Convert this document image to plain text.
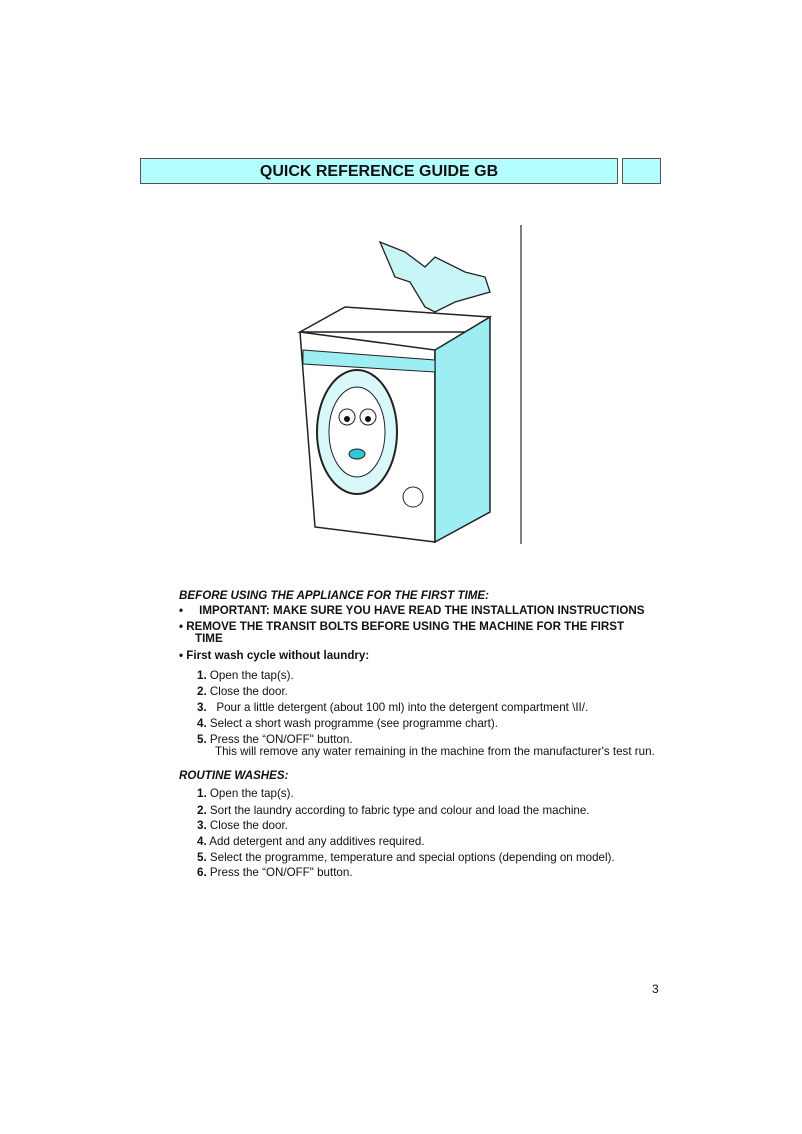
QUICK REFERENCE GUIDE GB
BEFORE USING THE APPLIANCE FOR THE FIRST TIME:
•     IMPORTANT: MAKE SURE YOU HAVE READ THE INSTALLATION INSTRUCTIONS
• REMOVE THE TRANSIT BOLTS BEFORE USING THE MACHINE FOR THE FIRST
TIME
• First wash cycle without laundry:
1. Open the tap(s).
2. Close the door.
3.   Pour a little detergent (about 100 ml) into the detergent compartment \II/.
4. Select a short wash programme (see programme chart).
5. Press the “ON/OFF" button.
This will remove any water remaining in the machine from the manufacturer's test run.
ROUTINE WASHES:
1. Open the tap(s).
2. Sort the laundry according to fabric type and colour and load the machine.
3. Close the door.
4. Add detergent and any additives required.
5. Select the programme, temperature and special options (depending on model).
6. Press the “ON/OFF" button.
3
